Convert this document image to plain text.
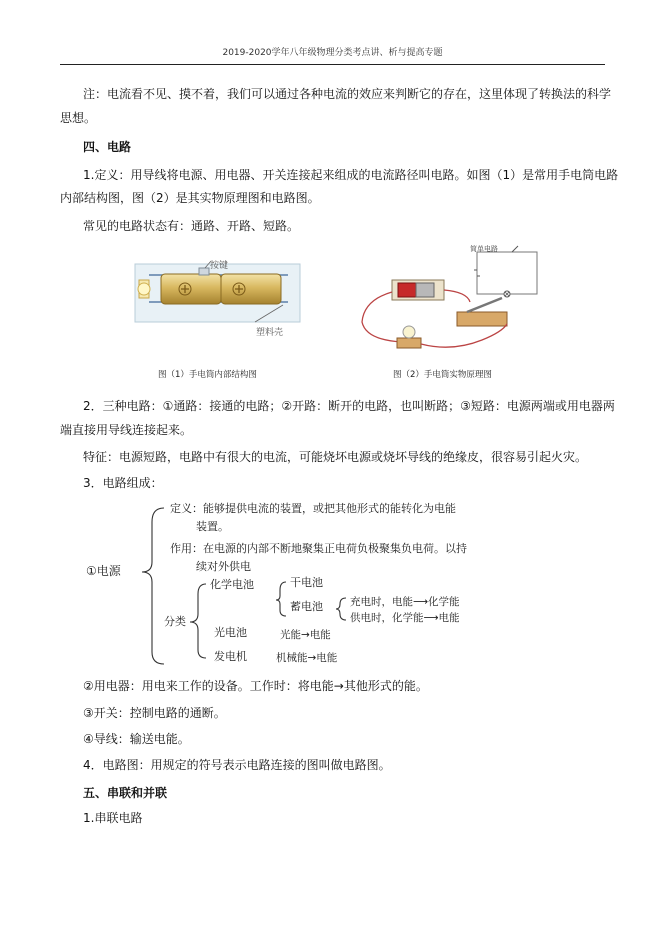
2019-2020学年八年级物理分类考点讲、析与提高专题
注：电流看不见、摸不着，我们可以通过各种电流的效应来判断它的存在，这里体现了转换法的科学
思想。
四、电路
1.定义：用导线将电源、用电器、开关连接起来组成的电流路径叫电路。如图（1）是常用手电筒电路
内部结构图，图（2）是其实物原理图和电路图。
常见的电路状态有：通路、开路、短路。
按键
塑料壳
图（1）手电筒内部结构图
简单电路
图（2）手电筒实物原理图
2．三种电路：①通路：接通的电路；②开路：断开的电路，也叫断路；③短路：电源两端或用电器两
端直接用导线连接起来。
特征：电源短路，电路中有很大的电流，可能烧坏电源或烧坏导线的绝缘皮，很容易引起火灾。
3．电路组成：
①电源
定义：能够提供电流的装置，或把其他形式的能转化为电能
装置。
作用：在电源的内部不断地聚集正电荷负极聚集负电荷。以持
续对外供电
分类
化学电池	干电池
蓄电池	充电时，电能⟶化学能
供电时，化学能⟶电能
光电池	光能→电能
发电机	机械能→电能
②用电器：用电来工作的设备。工作时：将电能→其他形式的能。
③开关：控制电路的通断。
④导线：输送电能。
4．电路图：用规定的符号表示电路连接的图叫做电路图。
五、串联和并联
1.串联电路
